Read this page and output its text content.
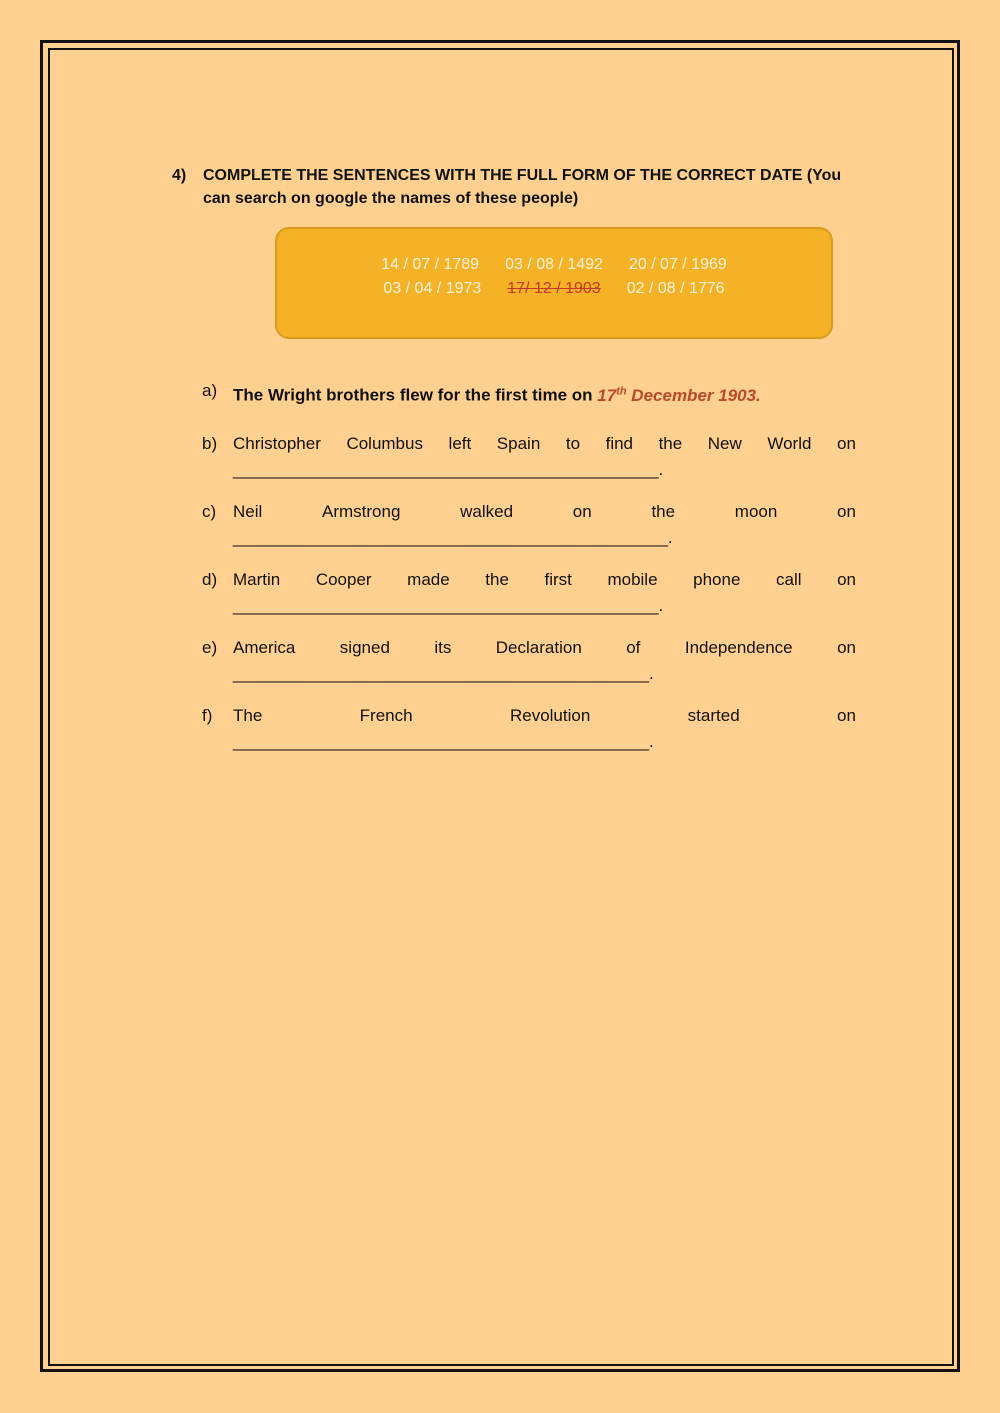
4)	COMPLETE THE SENTENCES WITH THE FULL FORM OF THE CORRECT DATE (You can search on google the names of these people)
14 / 07 / 1789 03 / 08 / 1492 20 / 07 / 1969
03 / 04 / 1973 17/ 12 / 1903 02 / 08 / 1776
a) The Wright brothers flew for the first time on 17th December 1903.
b) Christopher Columbus left Spain to find the New World on
_____________________________________________.
c) Neil	Armstrong	walked	on	the	moon	on
______________________________________________.
d) Martin Cooper made the first mobile phone call on
_____________________________________________.
e) America	signed	its	Declaration	of	Independence	on
____________________________________________.
f)	The	French	Revolution	started	on
____________________________________________.
